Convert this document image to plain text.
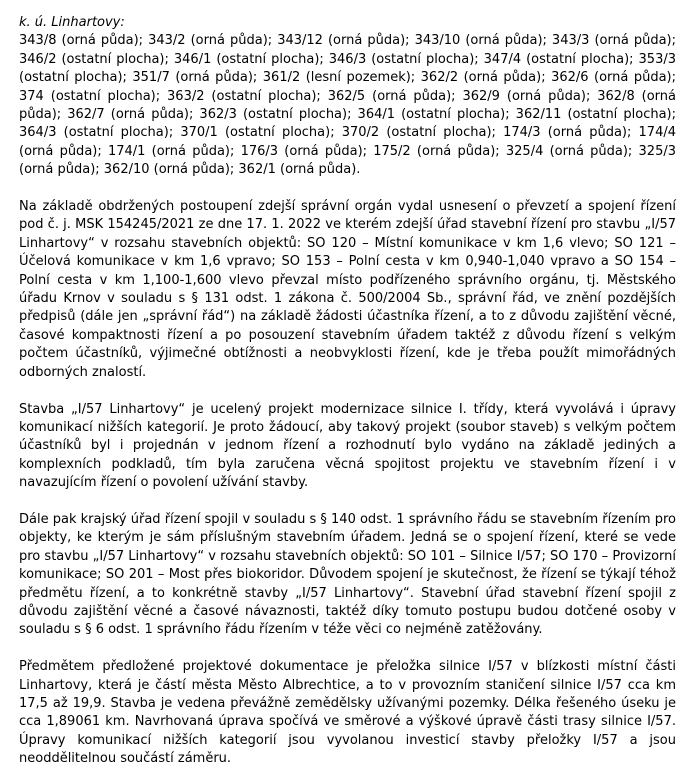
k. ú. Linhartovy:

343/8 (orná půda); 343/2 (orná půda); 343/12 (orná půda); 343/10 (orná půda); 343/3 (orná půda); 346/2 (ostatní plocha); 346/1 (ostatní plocha); 346/3 (ostatní plocha); 347/4 (ostatní plocha); 353/3 (ostatní plocha); 351/7 (orná půda); 361/2 (lesní pozemek); 362/2 (orná půda); 362/6 (orná půda); 374 (ostatní plocha); 363/2 (ostatní plocha); 362/5 (orná půda); 362/9 (orná půda); 362/8 (orná půda); 362/7 (orná půda); 362/3 (ostatní plocha); 364/1 (ostatní plocha); 362/11 (ostatní plocha); 364/3 (ostatní plocha); 370/1 (ostatní plocha); 370/2 (ostatní plocha); 174/3 (orná půda); 174/4 (orná půda); 174/1 (orná půda); 176/3 (orná půda); 175/2 (orná půda); 325/4 (orná půda); 325/3 (orná půda); 362/10 (orná půda); 362/1 (orná půda).

Na základě obdržených postoupení zdejší správní orgán vydal usnesení o převzetí a spojení řízení pod č. j. MSK 154245/2021 ze dne 17. 1. 2022 ve kterém zdejší úřad stavební řízení pro stavbu „I/57 Linhartovy“ v rozsahu stavebních objektů: SO 120 – Místní komunikace v km 1,6 vlevo; SO 121 – Účelová komunikace v km 1,6 vpravo; SO 153 – Polní cesta v km 0,940-1,040 vpravo a SO 154 – Polní cesta v km 1,100-1,600 vlevo převzal místo podřízeného správního orgánu, tj. Městského úřadu Krnov v souladu s § 131 odst. 1 zákona č. 500/2004 Sb., správní řád, ve znění pozdějších předpisů (dále jen „správní řád“) na základě žádosti účastníka řízení, a to z důvodu zajištění věcné, časové kompaktnosti řízení a po posouzení stavebním úřadem taktéž z důvodu řízení s velkým počtem účastníků, výjimečné obtížnosti a neobvyklosti řízení, kde je třeba použít mimořádných odborných znalostí.

Stavba „I/57 Linhartovy“ je ucelený projekt modernizace silnice I. třídy, která vyvolává i úpravy komunikací nižších kategorií. Je proto žádoucí, aby takový projekt (soubor staveb) s velkým počtem účastníků byl i projednán v jednom řízení a rozhodnutí bylo vydáno na základě jediných a komplexních podkladů, tím byla zaručena věcná spojitost projektu ve stavebním řízení i v navazujícím řízení o povolení užívání stavby.

Dále pak krajský úřad řízení spojil v souladu s § 140 odst. 1 správního řádu se stavebním řízením pro objekty, ke kterým je sám příslušným stavebním úřadem. Jedná se o spojení řízení, které se vede pro stavbu „I/57 Linhartovy“ v rozsahu stavebních objektů: SO 101 – Silnice I/57; SO 170 – Provizorní komunikace; SO 201 – Most přes biokoridor. Důvodem spojení je skutečnost, že řízení se týkají téhož předmětu řízení, a to konkrétně stavby „I/57 Linhartovy“. Stavební úřad stavební řízení spojil z důvodu zajištění věcné a časové návaznosti, taktéž díky tomuto postupu budou dotčené osoby v souladu s § 6 odst. 1 správního řádu řízením v téže věci co nejméně zatěžovány.

Předmětem předložené projektové dokumentace je přeložka silnice I/57 v blízkosti místní části Linhartovy, která je částí města Město Albrechtice, a to v provozním staničení silnice I/57 cca km 17,5 až 19,9. Stavba je vedena převážně zemědělsky užívanými pozemky. Délka řešeného úseku je cca 1,89061 km. Navrhovaná úprava spočívá ve směrové a výškové úpravě části trasy silnice I/57. Úpravy komunikací nižších kategorií jsou vyvolanou investicí stavby přeložky I/57 a jsou neoddělitelnou součástí záměru.
